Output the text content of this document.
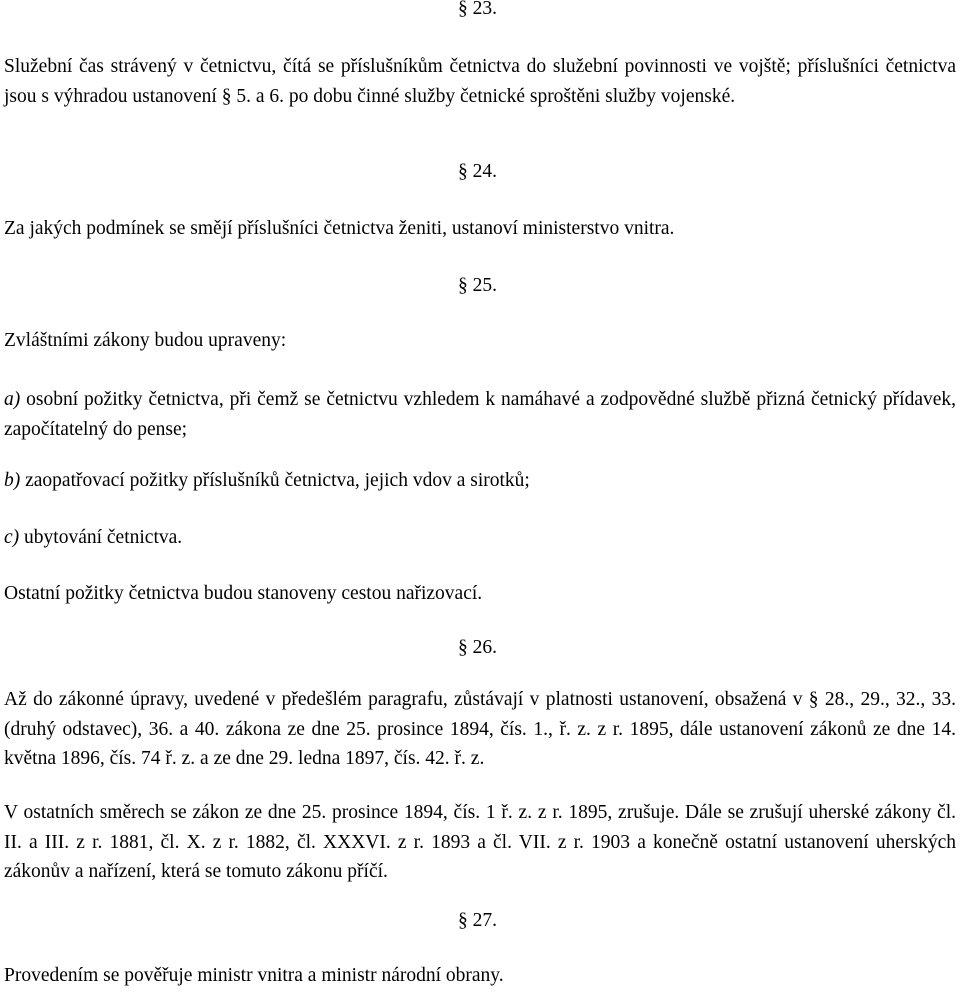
§ 23.
Služební čas strávený v četnictvu, čítá se příslušníkům četnictva do služební povinnosti ve vojště; příslušníci četnictva jsou s výhradou ustanovení § 5. a 6. po dobu činné služby četnické sproštěni služby vojenské.
§ 24.
Za jakých podmínek se smějí příslušníci četnictva ženiti, ustanoví ministerstvo vnitra.
§ 25.
Zvláštními zákony budou upraveny:
a) osobní požitky četnictva, při čemž se četnictvu vzhledem k namáhavé a zodpovědné službě přizná četnický přídavek, započítatelný do pense;
b) zaopatřovací požitky příslušníků četnictva, jejich vdov a sirotků;
c) ubytování četnictva.
Ostatní požitky četnictva budou stanoveny cestou nařizovací.
§ 26.
Až do zákonné úpravy, uvedené v předešlém paragrafu, zůstávají v platnosti ustanovení, obsažená v § 28., 29., 32., 33. (druhý odstavec), 36. a 40. zákona ze dne 25. prosince 1894, čís. 1., ř. z. z r. 1895, dále ustanovení zákonů ze dne 14. května 1896, čís. 74 ř. z. a ze dne 29. ledna 1897, čís. 42. ř. z.
V ostatních směrech se zákon ze dne 25. prosince 1894, čís. 1 ř. z. z r. 1895, zrušuje. Dále se zrušují uherské zákony čl. II. a III. z r. 1881, čl. X. z r. 1882, čl. XXXVI. z r. 1893 a čl. VII. z r. 1903 a konečně ostatní ustanovení uherských zákonův a nařízení, která se tomuto zákonu příčí.
§ 27.
Provedením se pověřuje ministr vnitra a ministr národní obrany.
